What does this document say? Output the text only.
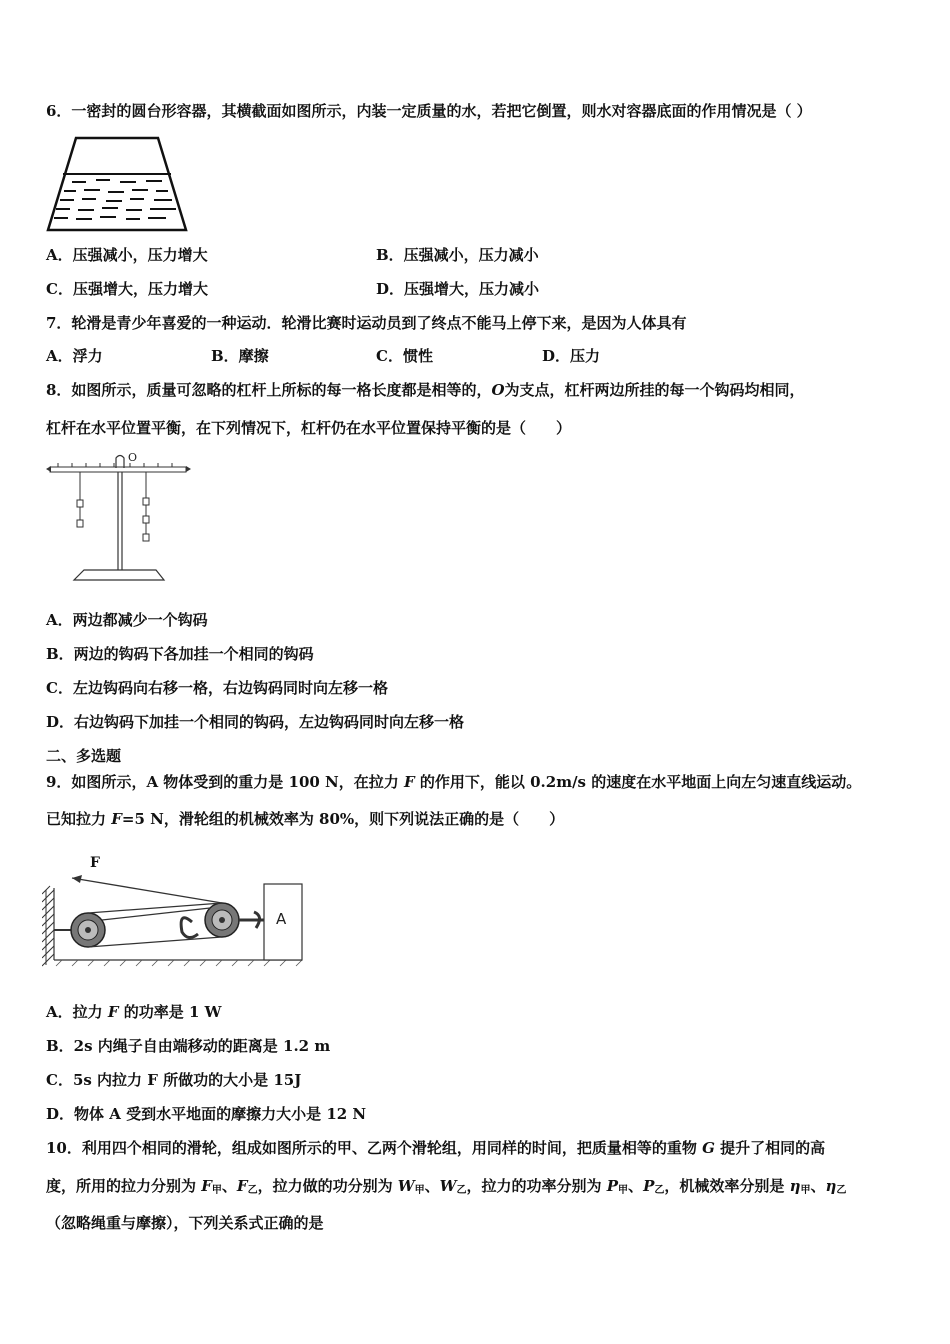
6．一密封的圆台形容器，其横截面如图所示，内装一定质量的水，若把它倒置，则水对容器底面的作用情况是（ ）
A．压强减小，压力增大	B．压强减小，压力减小
C．压强增大，压力增大	D．压强增大，压力减小
7．轮滑是青少年喜爱的一种运动．轮滑比赛时运动员到了终点不能马上停下来，是因为人体具有
A．浮力	B．摩擦	C．惯性	D．压力
8．如图所示，质量可忽略的杠杆上所标的每一格长度都是相等的，O为支点，杠杆两边所挂的每一个钩码均相同，
杠杆在水平位置平衡，在下列情况下，杠杆仍在水平位置保持平衡的是（　　）
O
A．两边都减少一个钩码
B．两边的钩码下各加挂一个相同的钩码
C．左边钩码向右移一格，右边钩码同时向左移一格
D．右边钩码下加挂一个相同的钩码，左边钩码同时向左移一格
二、多选题
9．如图所示，A 物体受到的重力是 100 N，在拉力 F 的作用下，能以 0.2m/s 的速度在水平地面上向左匀速直线运动。
已知拉力 F=5 N，滑轮组的机械效率为 80%，则下列说法正确的是（　　）
A
F
A．拉力 F 的功率是 1 W
B．2s 内绳子自由端移动的距离是 1.2 m
C．5s 内拉力 F 所做功的大小是 15J
D．物体 A 受到水平地面的摩擦力大小是 12 N
10．利用四个相同的滑轮，组成如图所示的甲、乙两个滑轮组，用同样的时间，把质量相等的重物 G 提升了相同的高
度，所用的拉力分别为 $F_甲$、$F_乙$，拉力做的功分别为 $W_甲$、$W_乙$，拉力的功率分别为 $P_甲$、$P_乙$，机械效率分别是 $\eta_甲$、$\eta_乙$
（忽略绳重与摩擦），下列关系式正确的是
